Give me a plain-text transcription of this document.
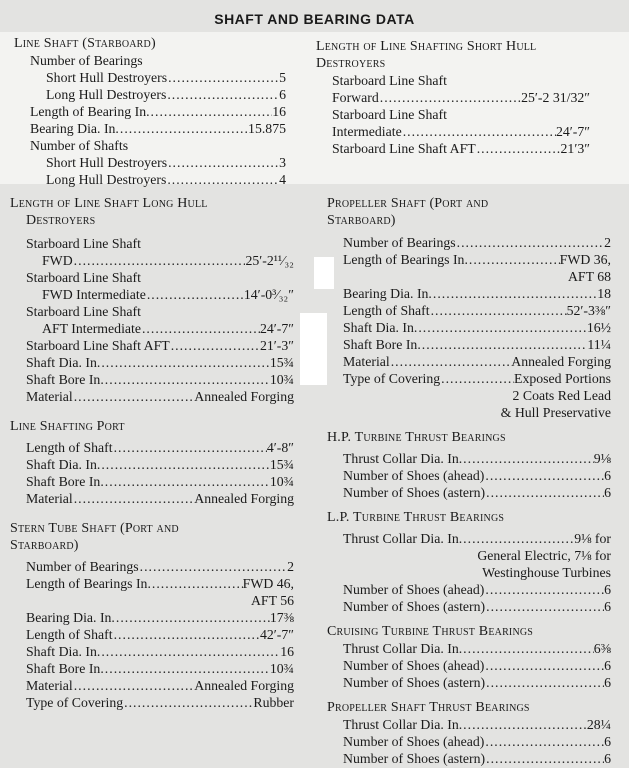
SHAFT AND BEARING DATA
Line Shaft (Starboard)
Number of Bearings
Short Hull Destroyers .....	5
Long Hull Destroyers .....	6
Length of Bearing In. .....	16
Bearing Dia. In. .....	15.875
Number of Shafts
Short Hull Destroyers .....	3
Long Hull Destroyers .....	4
Length of Line Shafting Short Hull
Destroyers
Starboard Line Shaft
Forward .....	25′-2 31/32″
Starboard Line Shaft
Intermediate .....	24′-7″
Starboard Line Shaft AFT .....	21′3″
Length of Line Shaft Long Hull
Destroyers
Starboard Line Shaft
FWD .....	25′-2¹¹⁄₃₂
Starboard Line Shaft
FWD Intermediate .....	14′-0³⁄₃₂″
Starboard Line Shaft
AFT Intermediate .....	24′-7″
Starboard Line Shaft AFT .....	21′-3″
Shaft Dia. In. .....	15¾
Shaft Bore In. .....	10¾
Material .....	Annealed Forging
Line Shafting Port
Length of Shaft .....	4′-8″
Shaft Dia. In. .....	15¾
Shaft Bore In. .....	10¾
Material .....	Annealed Forging
Stern Tube Shaft (Port and
Starboard)
Number of Bearings .....	2
Length of Bearings In. .....	FWD 46,
AFT 56
Bearing Dia. In. .....	17⅜
Length of Shaft .....	42′-7″
Shaft Dia. In. .....	16
Shaft Bore In. .....	10¾
Material .....	Annealed Forging
Type of Covering .....	Rubber
Propeller Shaft (Port and
Starboard)
Number of Bearings .....	2
Length of Bearings In. .....	FWD 36,
AFT 68
Bearing Dia. In. .....	18
Length of Shaft .....	52′-3⅜″
Shaft Dia. In. .....	16½
Shaft Bore In. .....	11¼
Material .....	Annealed Forging
Type of Covering .....	Exposed Portions
2 Coats Red Lead
& Hull Preservative
H.P. Turbine Thrust Bearings
Thrust Collar Dia. In. .....	9⅛
Number of Shoes (ahead) .....	6
Number of Shoes (astern) .....	6
L.P. Turbine Thrust Bearings
Thrust Collar Dia. In. .....	9⅛ for
General Electric, 7⅛ for
Westinghouse Turbines
Number of Shoes (ahead) .....	6
Number of Shoes (astern) .....	6
Cruising Turbine Thrust Bearings
Thrust Collar Dia. In. .....	6⅜
Number of Shoes (ahead) .....	6
Number of Shoes (astern) .....	6
Propeller Shaft Thrust Bearings
Thrust Collar Dia. In. .....	28¼
Number of Shoes (ahead) .....	6
Number of Shoes (astern) .....	6
